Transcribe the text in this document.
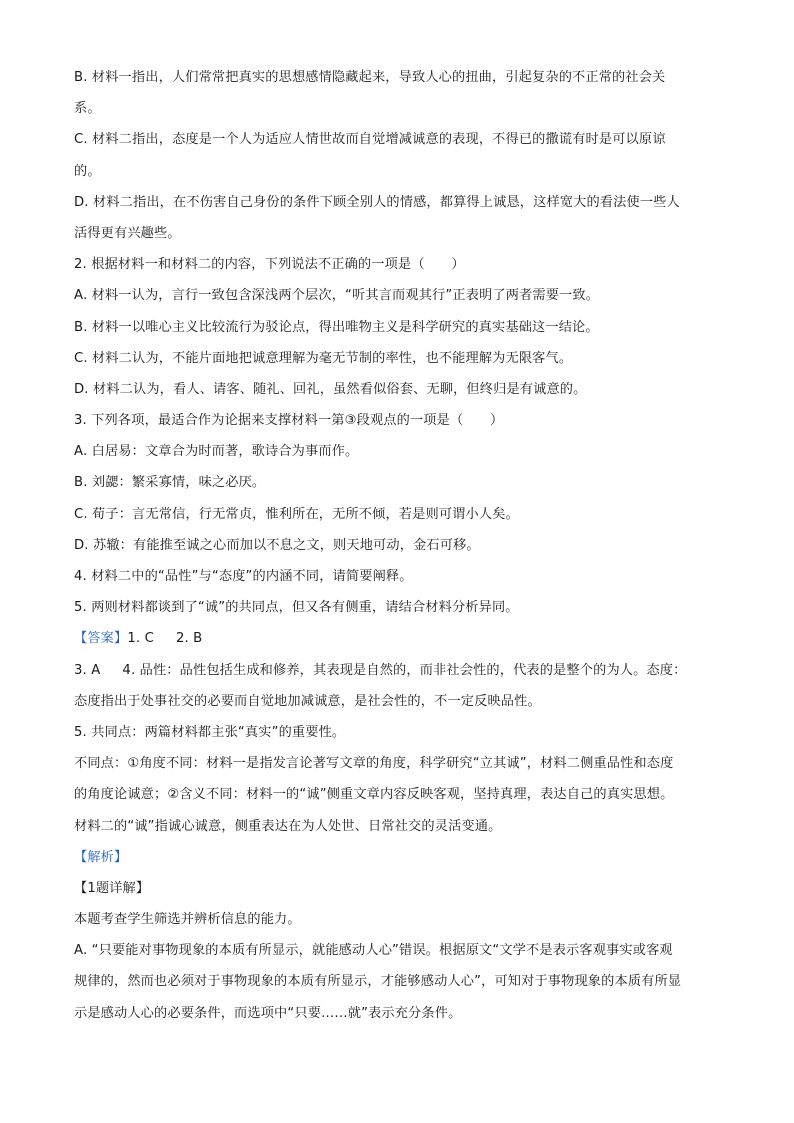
B. 材料一指出，人们常常把真实的思想感情隐藏起来，导致人心的扭曲，引起复杂的不正常的社会关
系。
C. 材料二指出，态度是一个人为适应人情世故而自觉增减诚意的表现，不得已的撒谎有时是可以原谅
的。
D. 材料二指出，在不伤害自己身份的条件下顾全别人的情感，都算得上诚恳，这样宽大的看法使一些人
活得更有兴趣些。
2. 根据材料一和材料二的内容，下列说法不正确的一项是（　　）
A. 材料一认为，言行一致包含深浅两个层次，“听其言而观其行”正表明了两者需要一致。
B. 材料一以唯心主义比较流行为驳论点，得出唯物主义是科学研究的真实基础这一结论。
C. 材料二认为，不能片面地把诚意理解为毫无节制的率性，也不能理解为无限客气。
D. 材料二认为，看人、请客、随礼、回礼，虽然看似俗套、无聊，但终归是有诚意的。
3. 下列各项，最适合作为论据来支撑材料一第③段观点的一项是（　　）
A. 白居易：文章合为时而著，歌诗合为事而作。
B. 刘勰：繁采寡情，味之必厌。
C. 荀子：言无常信，行无常贞，惟利所在，无所不倾，若是则可谓小人矣。
D. 苏辙：有能推至诚之心而加以不息之文，则天地可动，金石可移。
4. 材料二中的“品性”与“态度”的内涵不同，请简要阐释。
5. 两则材料都谈到了“诚”的共同点，但又各有侧重，请结合材料分析异同。
【答案】1. C 2. B
3. A 4. 品性：品性包括生成和修养，其表现是自然的，而非社会性的，代表的是整个的为人。态度：
态度指出于处事社交的必要而自觉地加减诚意，是社会性的，不一定反映品性。
5. 共同点：两篇材料都主张“真实”的重要性。
不同点：①角度不同：材料一是指发言论著写文章的角度，科学研究“立其诚”，材料二侧重品性和态度
的角度论诚意；②含义不同：材料一的“诚”侧重文章内容反映客观，坚持真理，表达自己的真实思想。
材料二的“诚”指诚心诚意，侧重表达在为人处世、日常社交的灵活变通。
【解析】
【1题详解】
本题考查学生筛选并辨析信息的能力。
A. “只要能对事物现象的本质有所显示，就能感动人心”错误。根据原文“文学不是表示客观事实或客观
规律的，然而也必须对于事物现象的本质有所显示，才能够感动人心”，可知对于事物现象的本质有所显
示是感动人心的必要条件，而选项中“只要……就”表示充分条件。
